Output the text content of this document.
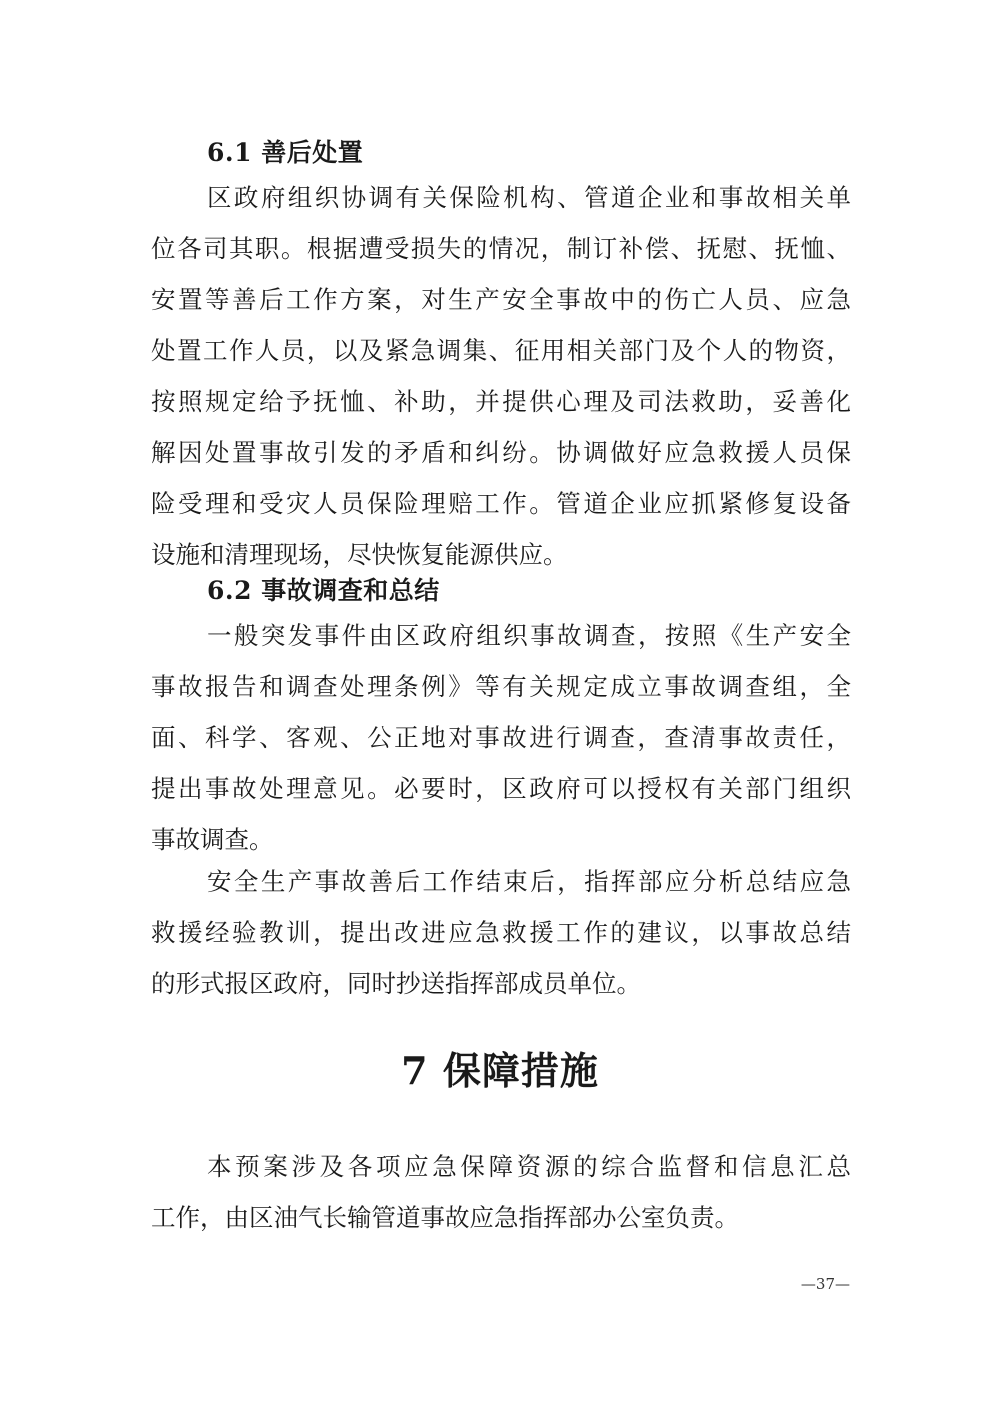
6.1 善后处置
区政府组织协调有关保险机构、管道企业和事故相关单
位各司其职。根据遭受损失的情况，制订补偿、抚慰、抚恤、
安置等善后工作方案，对生产安全事故中的伤亡人员、应急
处置工作人员，以及紧急调集、征用相关部门及个人的物资，
按照规定给予抚恤、补助，并提供心理及司法救助，妥善化
解因处置事故引发的矛盾和纠纷。协调做好应急救援人员保
险受理和受灾人员保险理赔工作。管道企业应抓紧修复设备
设施和清理现场，尽快恢复能源供应。
6.2 事故调查和总结
一般突发事件由区政府组织事故调查，按照《生产安全
事故报告和调查处理条例》等有关规定成立事故调查组，全
面、科学、客观、公正地对事故进行调查，查清事故责任，
提出事故处理意见。必要时，区政府可以授权有关部门组织
事故调查。
安全生产事故善后工作结束后，指挥部应分析总结应急
救援经验教训，提出改进应急救援工作的建议，以事故总结
的形式报区政府，同时抄送指挥部成员单位。
7 保障措施
本预案涉及各项应急保障资源的综合监督和信息汇总
工作，由区油气长输管道事故应急指挥部办公室负责。
—37—
